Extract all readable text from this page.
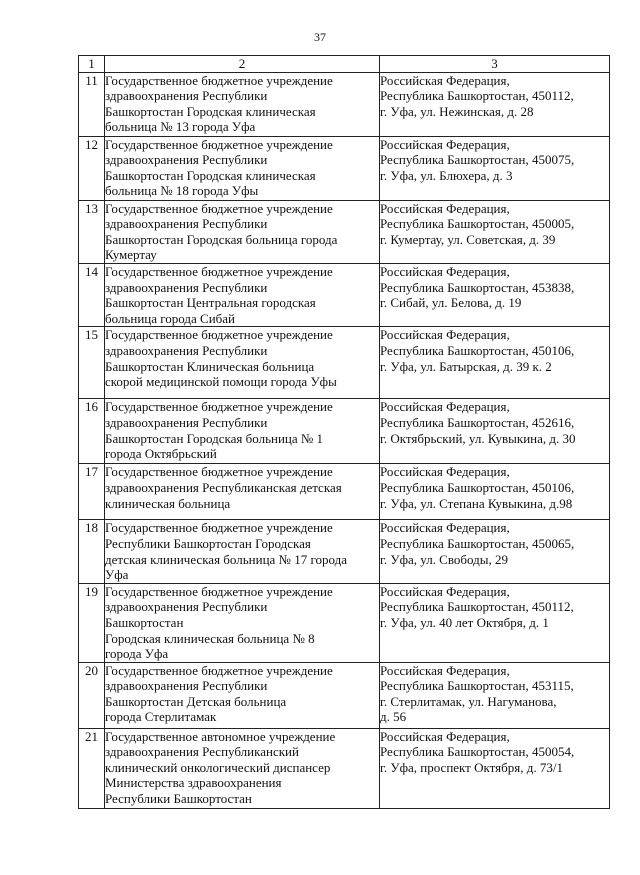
37
1	2	3
11	Государственное бюджетное учреждение
здравоохранения Республики
Башкортостан Городская клиническая
больница № 13 города Уфа	Российская Федерация,
Республика Башкортостан, 450112,
г. Уфа, ул. Нежинская, д. 28
12	Государственное бюджетное учреждение
здравоохранения Республики
Башкортостан Городская клиническая
больница № 18 города Уфы	Российская Федерация,
Республика Башкортостан, 450075,
г. Уфа, ул. Блюхера, д. 3
13	Государственное бюджетное учреждение
здравоохранения Республики
Башкортостан Городская больница города
Кумертау	Российская Федерация,
Республика Башкортостан, 450005,
г. Кумертау, ул. Советская, д. 39
14	Государственное бюджетное учреждение
здравоохранения Республики
Башкортостан Центральная городская
больница города Сибай	Российская Федерация,
Республика Башкортостан, 453838,
г. Сибай, ул. Белова, д. 19
15	Государственное бюджетное учреждение
здравоохранения Республики
Башкортостан Клиническая больница
скорой медицинской помощи города Уфы	Российская Федерация,
Республика Башкортостан, 450106,
г. Уфа, ул. Батырская, д. 39 к. 2
16	Государственное бюджетное учреждение
здравоохранения Республики
Башкортостан Городская больница № 1
города Октябрьский	Российская Федерация,
Республика Башкортостан, 452616,
г. Октябрьский, ул. Кувыкина, д. 30
17	Государственное бюджетное учреждение
здравоохранения Республиканская детская
клиническая больница	Российская Федерация,
Республика Башкортостан, 450106,
г. Уфа, ул. Степана Кувыкина, д.98
18	Государственное бюджетное учреждение
Республики Башкортостан Городская
детская клиническая больница № 17 города
Уфа	Российская Федерация,
Республика Башкортостан, 450065,
г. Уфа, ул. Свободы, 29
19	Государственное бюджетное учреждение
здравоохранения Республики
Башкортостан
Городская клиническая больница № 8
города Уфа	Российская Федерация,
Республика Башкортостан, 450112,
г. Уфа, ул. 40 лет Октября, д. 1
20	Государственное бюджетное учреждение
здравоохранения Республики
Башкортостан Детская больница
города Стерлитамак	Российская Федерация,
Республика Башкортостан, 453115,
г. Стерлитамак, ул. Нагуманова,
д. 56
21	Государственное автономное учреждение
здравоохранения Республиканский
клинический онкологический диспансер
Министерства здравоохранения
Республики Башкортостан	Российская Федерация,
Республика Башкортостан, 450054,
г. Уфа, проспект Октября, д. 73/1
